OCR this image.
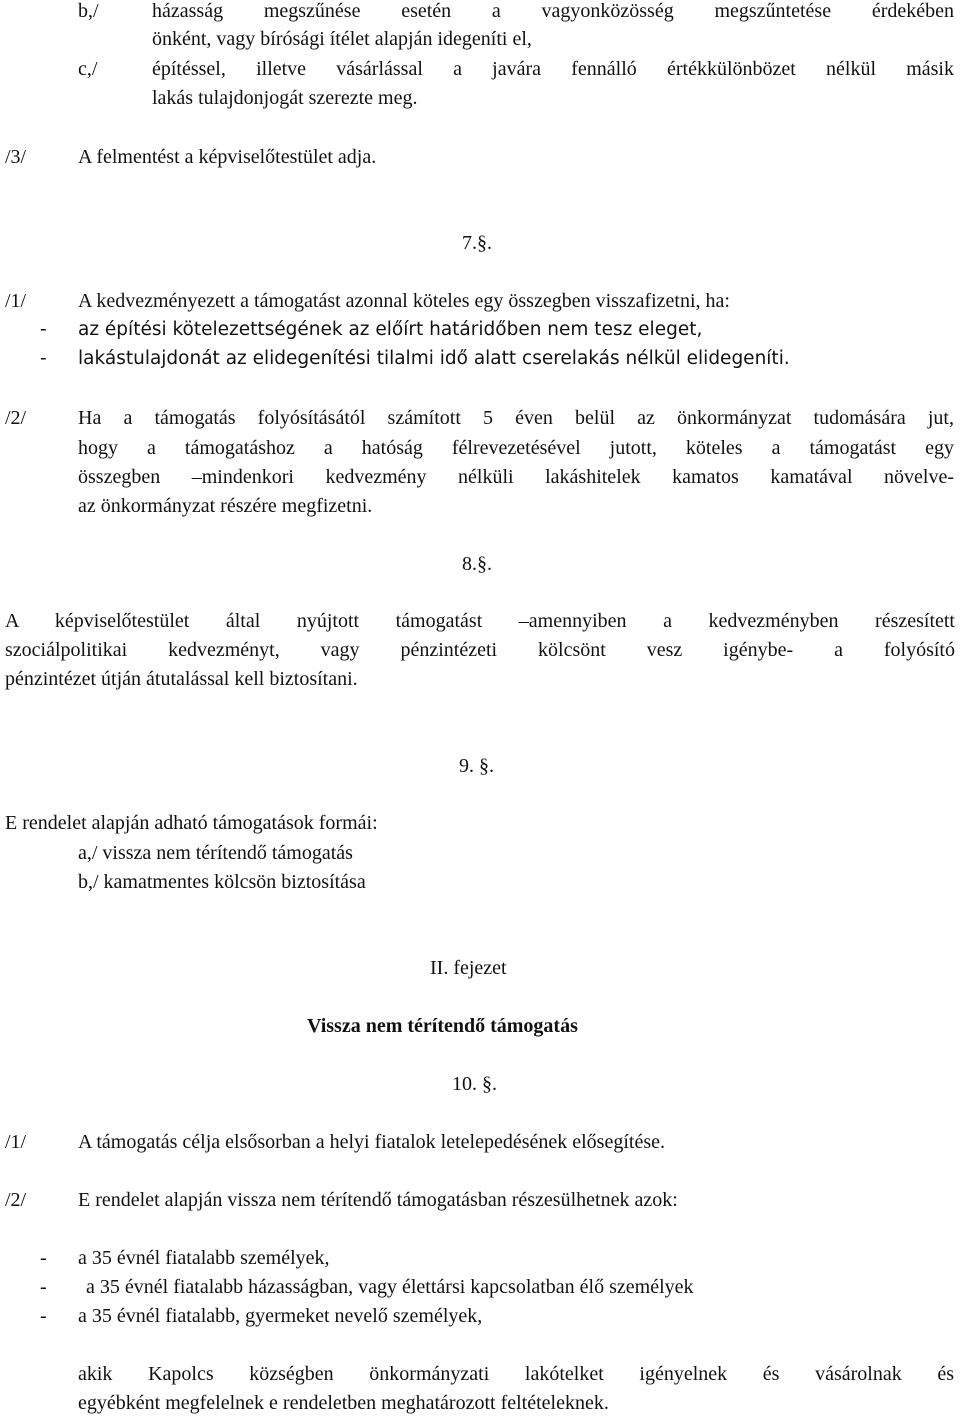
b,/	házasság megszűnése esetén a vagyonközösség megszűntetése érdekében
önként, vagy bírósági ítélet alapján idegeníti el,
c,/	építéssel, illetve vásárlással a javára fennálló értékkülönbözet nélkül másik
lakás tulajdonjogát szerezte meg.
/3/	A felmentést a képviselőtestület adja.
7.§.
/1/	A kedvezményezett a támogatást azonnal köteles egy összegben visszafizetni, ha:
- az építési kötelezettségének az előírt határidőben nem tesz eleget,
- lakástulajdonát az elidegenítési tilalmi idő alatt cserelakás nélkül elidegeníti.
/2/	Ha a támogatás folyósításától számított 5 éven belül az önkormányzat tudomására jut,
hogy a támogatáshoz a hatóság félrevezetésével jutott, köteles a támogatást egy
összegben –mindenkori kedvezmény nélküli lakáshitelek kamatos kamatával növelve-
az önkormányzat részére megfizetni.
8.§.
A képviselőtestület által nyújtott támogatást –amennyiben a kedvezményben részesített
szociálpolitikai kedvezményt, vagy pénzintézeti kölcsönt vesz igénybe- a folyósító
pénzintézet útján átutalással kell biztosítani.
9. §.
E rendelet alapján adható támogatások formái:
a,/ vissza nem térítendő támogatás
b,/ kamatmentes kölcsön biztosítása
II. fejezet
Vissza nem térítendő támogatás
10. §.
/1/	A támogatás célja elsősorban a helyi fiatalok letelepedésének elősegítése.
/2/	E rendelet alapján vissza nem térítendő támogatásban részesülhetnek azok:
- a 35 évnél fiatalabb személyek,
- a 35 évnél fiatalabb házasságban, vagy élettársi kapcsolatban élő személyek
- a 35 évnél fiatalabb, gyermeket nevelő személyek,
akik Kapolcs községben önkormányzati lakótelket igényelnek és vásárolnak és
egyébként megfelelnek e rendeletben meghatározott feltételeknek.
